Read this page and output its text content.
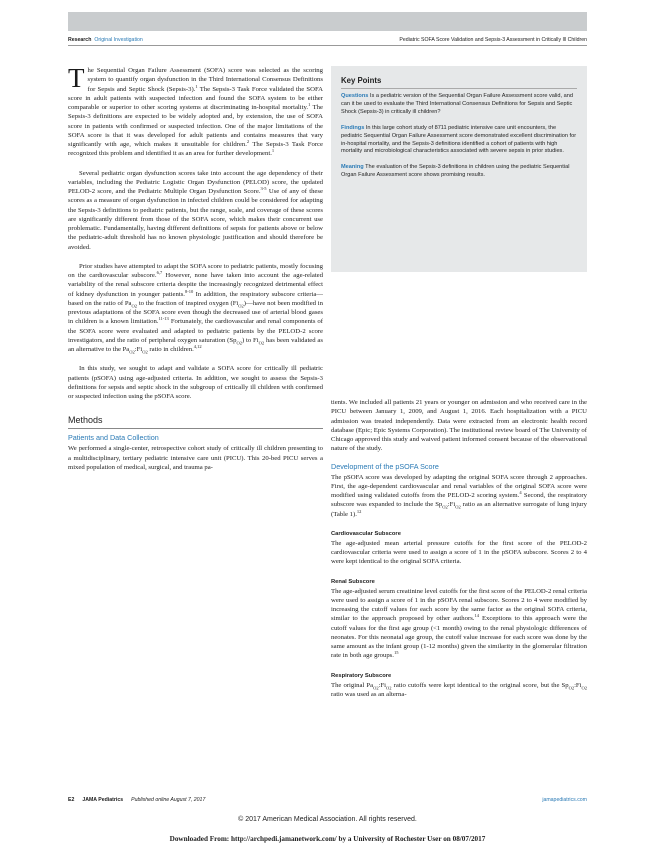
Research Original Investigation	Pediatric SOFA Score Validation and Sepsis-3 Assessment in Critically Ill Children

The Sequential Organ Failure Assessment (SOFA) score was selected as the scoring system to quantify organ dysfunction in the Third International Consensus Definitions for Sepsis and Septic Shock (Sepsis-3).$^1$ The Sepsis-3 Task Force validated the SOFA score in adult patients with suspected infection and found the SOFA system to be either comparable or superior to other scoring systems at discriminating in-hospital mortality.$^1$ The Sepsis-3 definitions are expected to be widely adopted and, by extension, the use of SOFA score in patients with confirmed or suspected infection. One of the major limitations of the SOFA score is that it was developed for adult patients and contains measures that vary significantly with age, which makes it unsuitable for children.$^2$ The Sepsis-3 Task Force recognized this problem and identified it as an area for further development.$^1$

Several pediatric organ dysfunction scores take into account the age dependency of their variables, including the Pediatric Logistic Organ Dysfunction (PELOD) score, the updated PELOD-2 score, and the Pediatric Multiple Organ Dysfunction Score.$^{3-5}$ Use of any of these scores as a measure of organ dysfunction in infected children could be considered for adapting the Sepsis-3 definitions to pediatric patients, but the range, scale, and coverage of these scores are significantly different from those of the SOFA score, which makes their concurrent use problematic. Fundamentally, having different definitions of sepsis for patients above or below the pediatric-adult threshold has no known physiologic justification and should therefore be avoided.

Prior studies have attempted to adapt the SOFA score to pediatric patients, mostly focusing on the cardiovascular subscore.$^{6,7}$ However, none have taken into account the age-related variability of the renal subscore criteria despite the increasingly recognized detrimental effect of kidney dysfunction in younger patients.$^{8-10}$ In addition, the respiratory subscore criteria—based on the ratio of $Pa_{O2}$ to the fraction of inspired oxygen $(Fi_{O2})—have$ not been modified in previous adaptations of the SOFA score even though the decreased use of arterial blood gases in children is a known limitation.$^{11-13}$ Fortunately, the cardiovascular and renal components of the SOFA score were evaluated and adapted to pediatric patients by the PELOD-2 score investigators, and the ratio of peripheral oxygen saturation $(Sp_{O2})$ to $Fi_{O2}$ has been validated as an alternative to the $Pa_{O2}:Fi_{O2}$ ratio in children.$^{4,12}$

In this study, we sought to adapt and validate a SOFA score for critically ill pediatric patients (pSOFA) using age-adjusted criteria. In addition, we sought to assess the Sepsis-3 definitions for sepsis and septic shock in the subgroup of critically ill children with confirmed or suspected infection using the pSOFA score.

Methods
Patients and Data Collection

We performed a single-center, retrospective cohort study of critically ill children presenting to a multidisciplinary, tertiary pediatric intensive care unit (PICU). This 20-bed PICU serves a mixed population of medical, surgical, and trauma pa-

Key Points

Questions Is a pediatric version of the Sequential Organ Failure Assessment score valid, and can it be used to evaluate the Third International Consensus Definitions for Sepsis and Septic Shock (Sepsis-3) in critically ill children?

Findings In this large cohort study of 8711 pediatric intensive care unit encounters, the pediatric Sequential Organ Failure Assessment score demonstrated excellent discrimination for in-hospital mortality, and the Sepsis-3 definitions identified a cohort of patients with high mortality and microbiological characteristics associated with severe sepsis in prior studies.

Meaning The evaluation of the Sepsis-3 definitions in children using the pediatric Sequential Organ Failure Assessment score shows promising results.

tients. We included all patients 21 years or younger on admission and who received care in the PICU between January 1, 2009, and August 1, 2016. Each hospitalization with a PICU admission was treated independently. Data were extracted from an electronic health record database (Epic; Epic Systems Corporation). The institutional review board of The University of Chicago approved this study and waived patient informed consent because of the observational nature of the study.

Development of the pSOFA Score

The pSOFA score was developed by adapting the original SOFA score through 2 approaches. First, the age-dependent cardiovascular and renal variables of the original SOFA score were modified using validated cutoffs from the PELOD-2 scoring system.$^4$ Second, the respiratory subscore was expanded to include the $Sp_{O2}:Fi_{O2}$ ratio as an alternative surrogate of lung injury (Table 1).$^{12}$

Cardiovascular Subscore

The age-adjusted mean arterial pressure cutoffs for the first score of the PELOD-2 cardiovascular criteria were used to assign a score of 1 in the pSOFA subscore. Scores 2 to 4 were kept identical to the original SOFA criteria.

Renal Subscore

The age-adjusted serum creatinine level cutoffs for the first score of the PELOD-2 renal criteria were used to assign a score of 1 in the pSOFA renal subscore. Scores 2 to 4 were modified by increasing the cutoff values for each score by the same factor as the original SOFA criteria, similar to the approach proposed by other authors.$^{14}$ Exceptions to this approach were the cutoff values for the first age group (<1 month) owing to the renal physiologic differences of neonates. For this neonatal age group, the cutoff value increase for each score was done by the same amount as the infant group (1-12 months) given the similarity in the glomerular filtration rate in both age groups.$^{15}$

Respiratory Subscore

The original $Pa_{O2}:Fi_{O2}$ ratio cutoffs were kept identical to the original score, but the $Sp_{O2}:Fi_{O2}$ ratio was used as an alterna-

E2 JAMA Pediatrics Published online August 7, 2017	jamapediatrics.com
© 2017 American Medical Association. All rights reserved.
Downloaded From: http://archpedi.jamanetwork.com/ by a University of Rochester User on 08/07/2017
